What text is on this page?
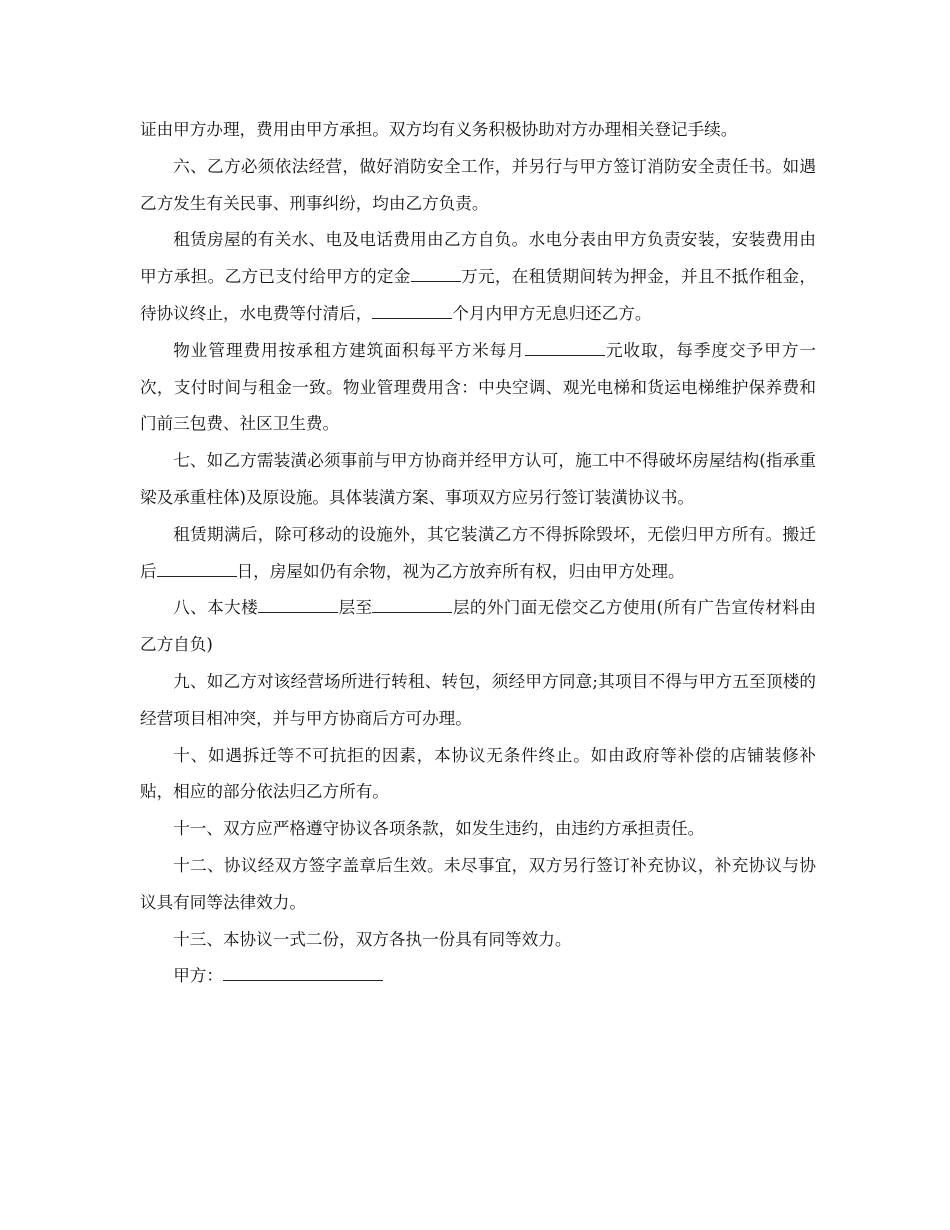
证由甲方办理，费用由甲方承担。双方均有义务积极协助对方办理相关登记手续。

六、乙方必须依法经营，做好消防安全工作，并另行与甲方签订消防安全责任书。如遇乙方发生有关民事、刑事纠纷，均由乙方负责。

租赁房屋的有关水、电及电话费用由乙方自负。水电分表由甲方负责安装，安装费用由甲方承担。乙方已支付给甲方的定金	万元，在租赁期间转为押金，并且不抵作租金，待协议终止，水电费等付清后，	个月内甲方无息归还乙方。

物业管理费用按承租方建筑面积每平方米每月	元收取，每季度交予甲方一次，支付时间与租金一致。物业管理费用含：中央空调、观光电梯和货运电梯维护保养费和门前三包费、社区卫生费。

七、如乙方需装潢必须事前与甲方协商并经甲方认可，施工中不得破坏房屋结构(指承重梁及承重柱体)及原设施。具体装潢方案、事项双方应另行签订装潢协议书。

租赁期满后，除可移动的设施外，其它装潢乙方不得拆除毁坏，无偿归甲方所有。搬迁后	日，房屋如仍有余物，视为乙方放弃所有权，归由甲方处理。

八、本大楼	层至	层的外门面无偿交乙方使用(所有广告宣传材料由乙方自负)

九、如乙方对该经营场所进行转租、转包，须经甲方同意;其项目不得与甲方五至顶楼的经营项目相冲突，并与甲方协商后方可办理。

十、如遇拆迁等不可抗拒的因素，本协议无条件终止。如由政府等补偿的店铺装修补贴，相应的部分依法归乙方所有。

十一、双方应严格遵守协议各项条款，如发生违约，由违约方承担责任。

十二、协议经双方签字盖章后生效。未尽事宜，双方另行签订补充协议，补充协议与协议具有同等法律效力。

十三、本协议一式二份，双方各执一份具有同等效力。

甲方：
